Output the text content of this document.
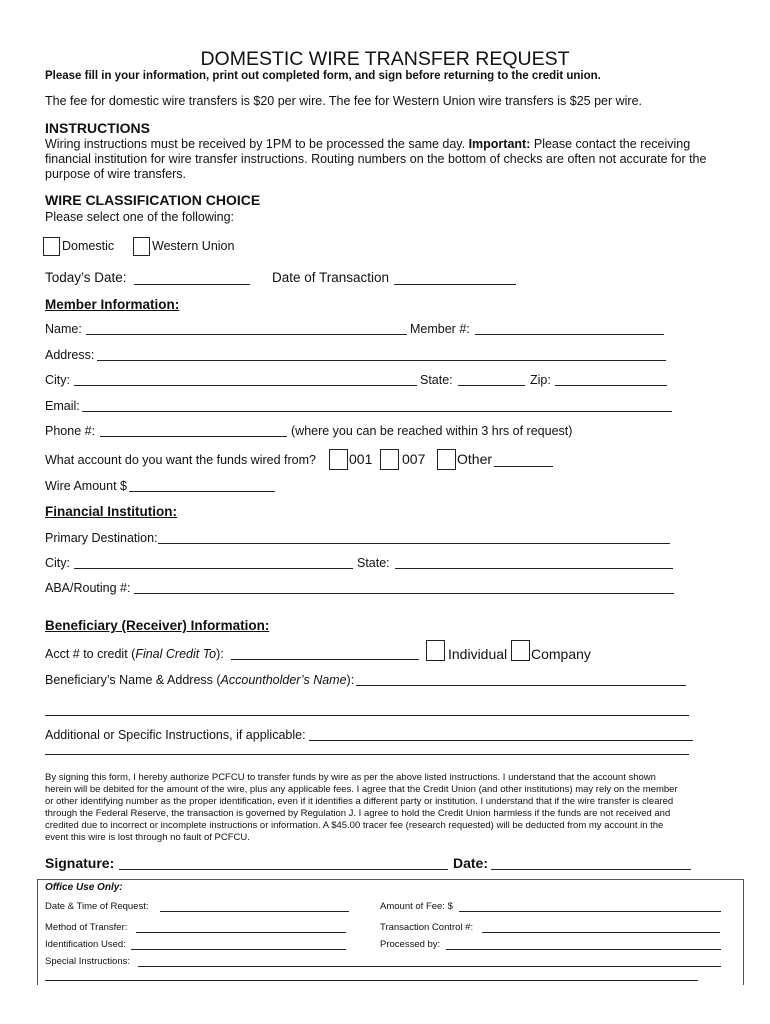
DOMESTIC WIRE TRANSFER REQUEST
Please fill in your information, print out completed form, and sign before returning to the credit union.
The fee for domestic wire transfers is $20 per wire. The fee for Western Union wire transfers is $25 per wire.
INSTRUCTIONS
Wiring instructions must be received by 1PM to be processed the same day. Important: Please contact the receiving
financial institution for wire transfer instructions. Routing numbers on the bottom of checks are often not accurate for the
purpose of wire transfers.
WIRE CLASSIFICATION CHOICE
Please select one of the following:
Domestic	Western Union
Today’s Date:	Date of Transaction
Member Information:
Name:	Member #:
Address:
City:	State:	Zip:
Email:
Phone #:	(where you can be reached within 3 hrs of request)
What account do you want the funds wired from? 001 007 Other
Wire Amount $
Financial Institution:
Primary Destination:
City:	State:
ABA/Routing #:
Beneficiary (Receiver) Information:
Acct # to credit (Final Credit To):	Individual Company
Beneficiary’s Name & Address (Accountholder’s Name):
Additional or Specific Instructions, if applicable:
By signing this form, I hereby authorize PCFCU to transfer funds by wire as per the above listed instructions. I understand that the account shown
herein will be debited for the amount of the wire, plus any applicable fees. I agree that the Credit Union (and other institutions) may rely on the member
or other identifying number as the proper identification, even if it identifies a different party or institution. I understand that if the wire transfer is cleared
through the Federal Reserve, the transaction is governed by Regulation J. I agree to hold the Credit Union harmless if the funds are not received and
credited due to incorrect or incomplete instructions or information. A $45.00 tracer fee (research requested) will be deducted from my account in the
event this wire is lost through no fault of PCFCU.
Signature:	Date:
Office Use Only:
Date & Time of Request:	Amount of Fee: $
Method of Transfer:	Transaction Control #:
Identification Used:	Processed by:
Special Instructions:
